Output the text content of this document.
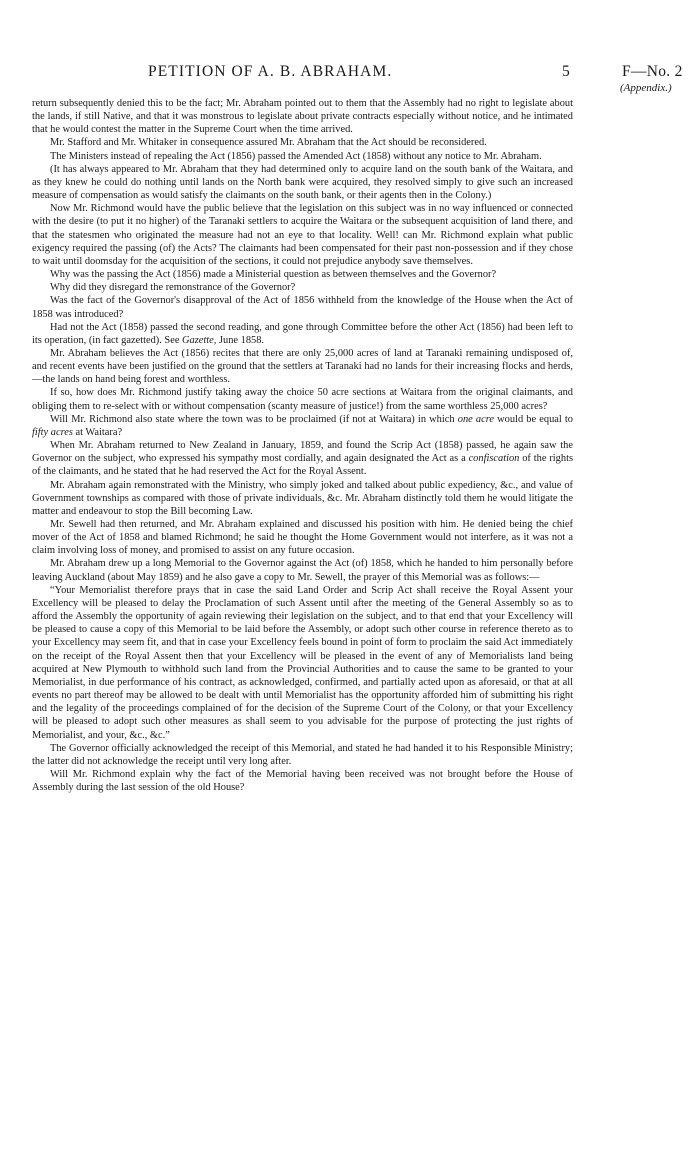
PETITION OF A. B. ABRAHAM.	5	F—No. 2
(Appendix.)

return subsequently denied this to be the fact; Mr. Abraham pointed out to them that the Assembly had no right to legislate about the lands, if still Native, and that it was monstrous to legislate about private contracts especially without notice, and he intimated that he would contest the matter in the Supreme Court when the time arrived.

Mr. Stafford and Mr. Whitaker in consequence assured Mr. Abraham that the Act should be reconsidered.

The Ministers instead of repealing the Act (1856) passed the Amended Act (1858) without any notice to Mr. Abraham.

(It has always appeared to Mr. Abraham that they had determined only to acquire land on the south bank of the Waitara, and as they knew he could do nothing until lands on the North bank were acquired, they resolved simply to give such an increased measure of compensation as would satisfy the claimants on the south bank, or their agents then in the Colony.)

Now Mr. Richmond would have the public believe that the legislation on this subject was in no way influenced or connected with the desire (to put it no higher) of the Taranaki settlers to acquire the Waitara or the subsequent acquisition of land there, and that the statesmen who originated the measure had not an eye to that locality. Well! can Mr. Richmond explain what public exigency required the passing (of) the Acts? The claimants had been compensated for their past non-possession and if they chose to wait until doomsday for the acquisition of the sections, it could not prejudice anybody save themselves.

Why was the passing the Act (1856) made a Ministerial question as between themselves and the Governor?

Why did they disregard the remonstrance of the Governor?

Was the fact of the Governor's disapproval of the Act of 1856 withheld from the knowledge of the House when the Act of 1858 was introduced?

Had not the Act (1858) passed the second reading, and gone through Committee before the other Act (1856) had been left to its operation, (in fact gazetted). See Gazette, June 1858.

Mr. Abraham believes the Act (1856) recites that there are only 25,000 acres of land at Taranaki remaining undisposed of, and recent events have been justified on the ground that the settlers at Taranaki had no lands for their increasing flocks and herds,—the lands on hand being forest and worthless.

If so, how does Mr. Richmond justify taking away the choice 50 acre sections at Waitara from the original claimants, and obliging them to re-select with or without compensation (scanty measure of justice!) from the same worthless 25,000 acres?

Will Mr. Richmond also state where the town was to be proclaimed (if not at Waitara) in which one acre would be equal to fifty acres at Waitara?

When Mr. Abraham returned to New Zealand in January, 1859, and found the Scrip Act (1858) passed, he again saw the Governor on the subject, who expressed his sympathy most cordially, and again designated the Act as a confiscation of the rights of the claimants, and he stated that he had reserved the Act for the Royal Assent.

Mr. Abraham again remonstrated with the Ministry, who simply joked and talked about public expediency, &c., and value of Government townships as compared with those of private individuals, &c. Mr. Abraham distinctly told them he would litigate the matter and endeavour to stop the Bill becoming Law.

Mr. Sewell had then returned, and Mr. Abraham explained and discussed his position with him. He denied being the chief mover of the Act of 1858 and blamed Richmond; he said he thought the Home Government would not interfere, as it was not a claim involving loss of money, and promised to assist on any future occasion.

Mr. Abraham drew up a long Memorial to the Governor against the Act (of) 1858, which he handed to him personally before leaving Auckland (about May 1859) and he also gave a copy to Mr. Sewell, the prayer of this Memorial was as follows:—

“Your Memorialist therefore prays that in case the said Land Order and Scrip Act shall receive the Royal Assent your Excellency will be pleased to delay the Proclamation of such Assent until after the meeting of the General Assembly so as to afford the Assembly the opportunity of again reviewing their legislation on the subject, and to that end that your Excellency will be pleased to cause a copy of this Memorial to be laid before the Assembly, or adopt such other course in reference thereto as to your Excellency may seem fit, and that in case your Excellency feels bound in point of form to proclaim the said Act immediately on the receipt of the Royal Assent then that your Excellency will be pleased in the event of any of Memorialists land being acquired at New Plymouth to withhold such land from the Provincial Authorities and to cause the same to be granted to your Memorialist, in due performance of his contract, as acknowledged, confirmed, and partially acted upon as aforesaid, or that at all events no part thereof may be allowed to be dealt with until Memorialist has the opportunity afforded him of submitting his right and the legality of the proceedings complained of for the decision of the Supreme Court of the Colony, or that your Excellency will be pleased to adopt such other measures as shall seem to you advisable for the purpose of protecting the just rights of Memorialist, and your, &c., &c.”

The Governor officially acknowledged the receipt of this Memorial, and stated he had handed it to his Responsible Ministry; the latter did not acknowledge the receipt until very long after.

Will Mr. Richmond explain why the fact of the Memorial having been received was not brought before the House of Assembly during the last session of the old House?
